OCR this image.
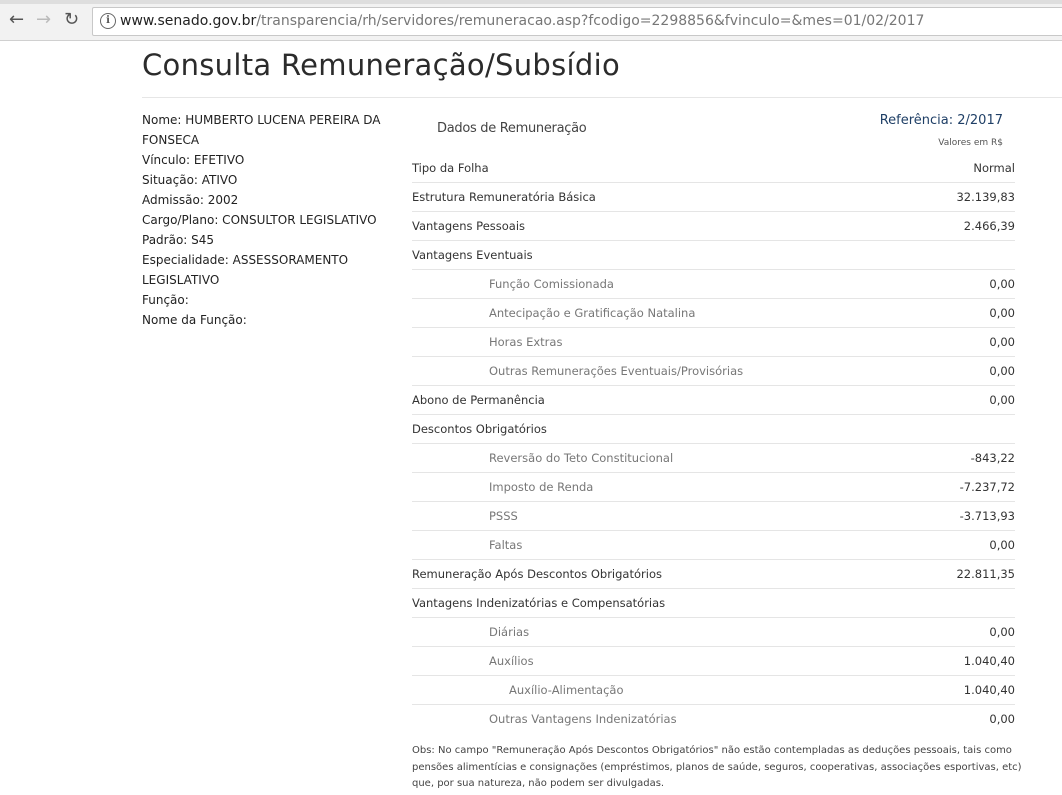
← → ↻	i www.senado.gov.br/transparencia/rh/servidores/remuneracao.asp?fcodigo=2298856&fvinculo=&mes=01/02/2017
Consulta Remuneração/Subsídio
Nome: HUMBERTO LUCENA PEREIRA DA FONSECA
Vínculo: EFETIVO
Situação: ATIVO
Admissão: 2002
Cargo/Plano: CONSULTOR LEGISLATIVO
Padrão: S45
Especialidade: ASSESSORAMENTO LEGISLATIVO
Função:
Nome da Função:
Dados de Remuneração
Referência: 2/2017
Valores em R$
Tipo da Folha	Normal
Estrutura Remuneratória Básica	32.139,83
Vantagens Pessoais	2.466,39
Vantagens Eventuais
Função Comissionada	0,00
Antecipação e Gratificação Natalina	0,00
Horas Extras	0,00
Outras Remunerações Eventuais/Provisórias	0,00
Abono de Permanência	0,00
Descontos Obrigatórios
Reversão do Teto Constitucional	-843,22
Imposto de Renda	-7.237,72
PSSS	-3.713,93
Faltas	0,00
Remuneração Após Descontos Obrigatórios	22.811,35
Vantagens Indenizatórias e Compensatórias
Diárias	0,00
Auxílios	1.040,40
Auxílio-Alimentação	1.040,40
Outras Vantagens Indenizatórias	0,00
Obs: No campo "Remuneração Após Descontos Obrigatórios" não estão contempladas as deduções pessoais, tais como pensões alimentícias e consignações (empréstimos, planos de saúde, seguros, cooperativas, associações esportivas, etc) que, por sua natureza, não podem ser divulgadas.
